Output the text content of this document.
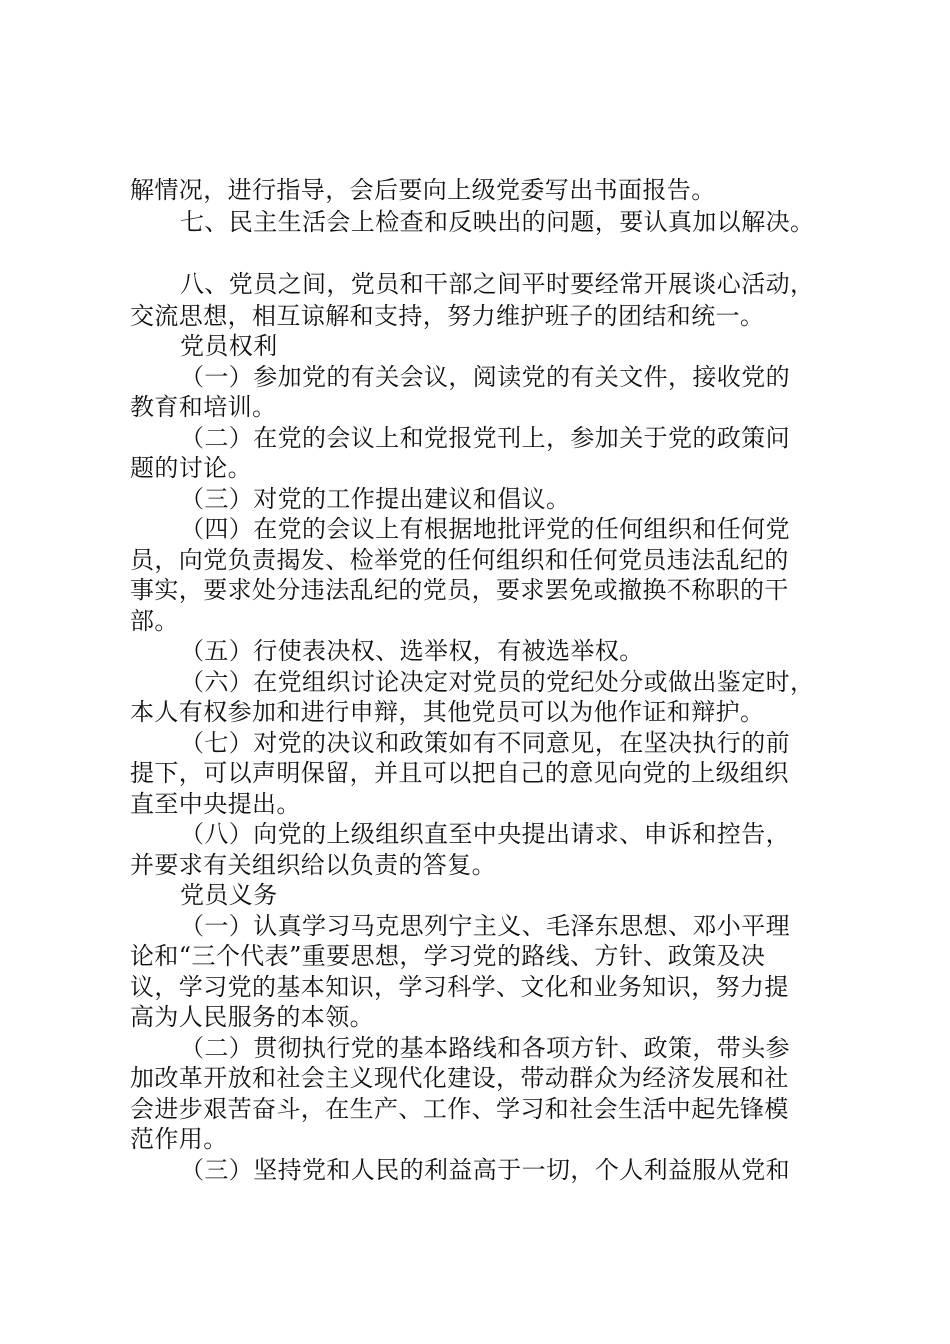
解情况，进行指导，会后要向上级党委写出书面报告。
七、民主生活会上检查和反映出的问题，要认真加以解决。
八、党员之间，党员和干部之间平时要经常开展谈心活动，
交流思想，相互谅解和支持，努力维护班子的团结和统一。
党员权利
（一）参加党的有关会议，阅读党的有关文件，接收党的
教育和培训。
（二）在党的会议上和党报党刊上，参加关于党的政策问
题的讨论。
（三）对党的工作提出建议和倡议。
（四）在党的会议上有根据地批评党的任何组织和任何党
员，向党负责揭发、检举党的任何组织和任何党员违法乱纪的
事实，要求处分违法乱纪的党员，要求罢免或撤换不称职的干
部。
（五）行使表决权、选举权，有被选举权。
（六）在党组织讨论决定对党员的党纪处分或做出鉴定时，
本人有权参加和进行申辩，其他党员可以为他作证和辩护。
（七）对党的决议和政策如有不同意见，在坚决执行的前
提下，可以声明保留，并且可以把自己的意见向党的上级组织
直至中央提出。
（八）向党的上级组织直至中央提出请求、申诉和控告，
并要求有关组织给以负责的答复。
党员义务
（一）认真学习马克思列宁主义、毛泽东思想、邓小平理
论和“三个代表”重要思想，学习党的路线、方针、政策及决
议，学习党的基本知识，学习科学、文化和业务知识，努力提
高为人民服务的本领。
（二）贯彻执行党的基本路线和各项方针、政策，带头参
加改革开放和社会主义现代化建设，带动群众为经济发展和社
会进步艰苦奋斗，在生产、工作、学习和社会生活中起先锋模
范作用。
（三）坚持党和人民的利益高于一切，个人利益服从党和
